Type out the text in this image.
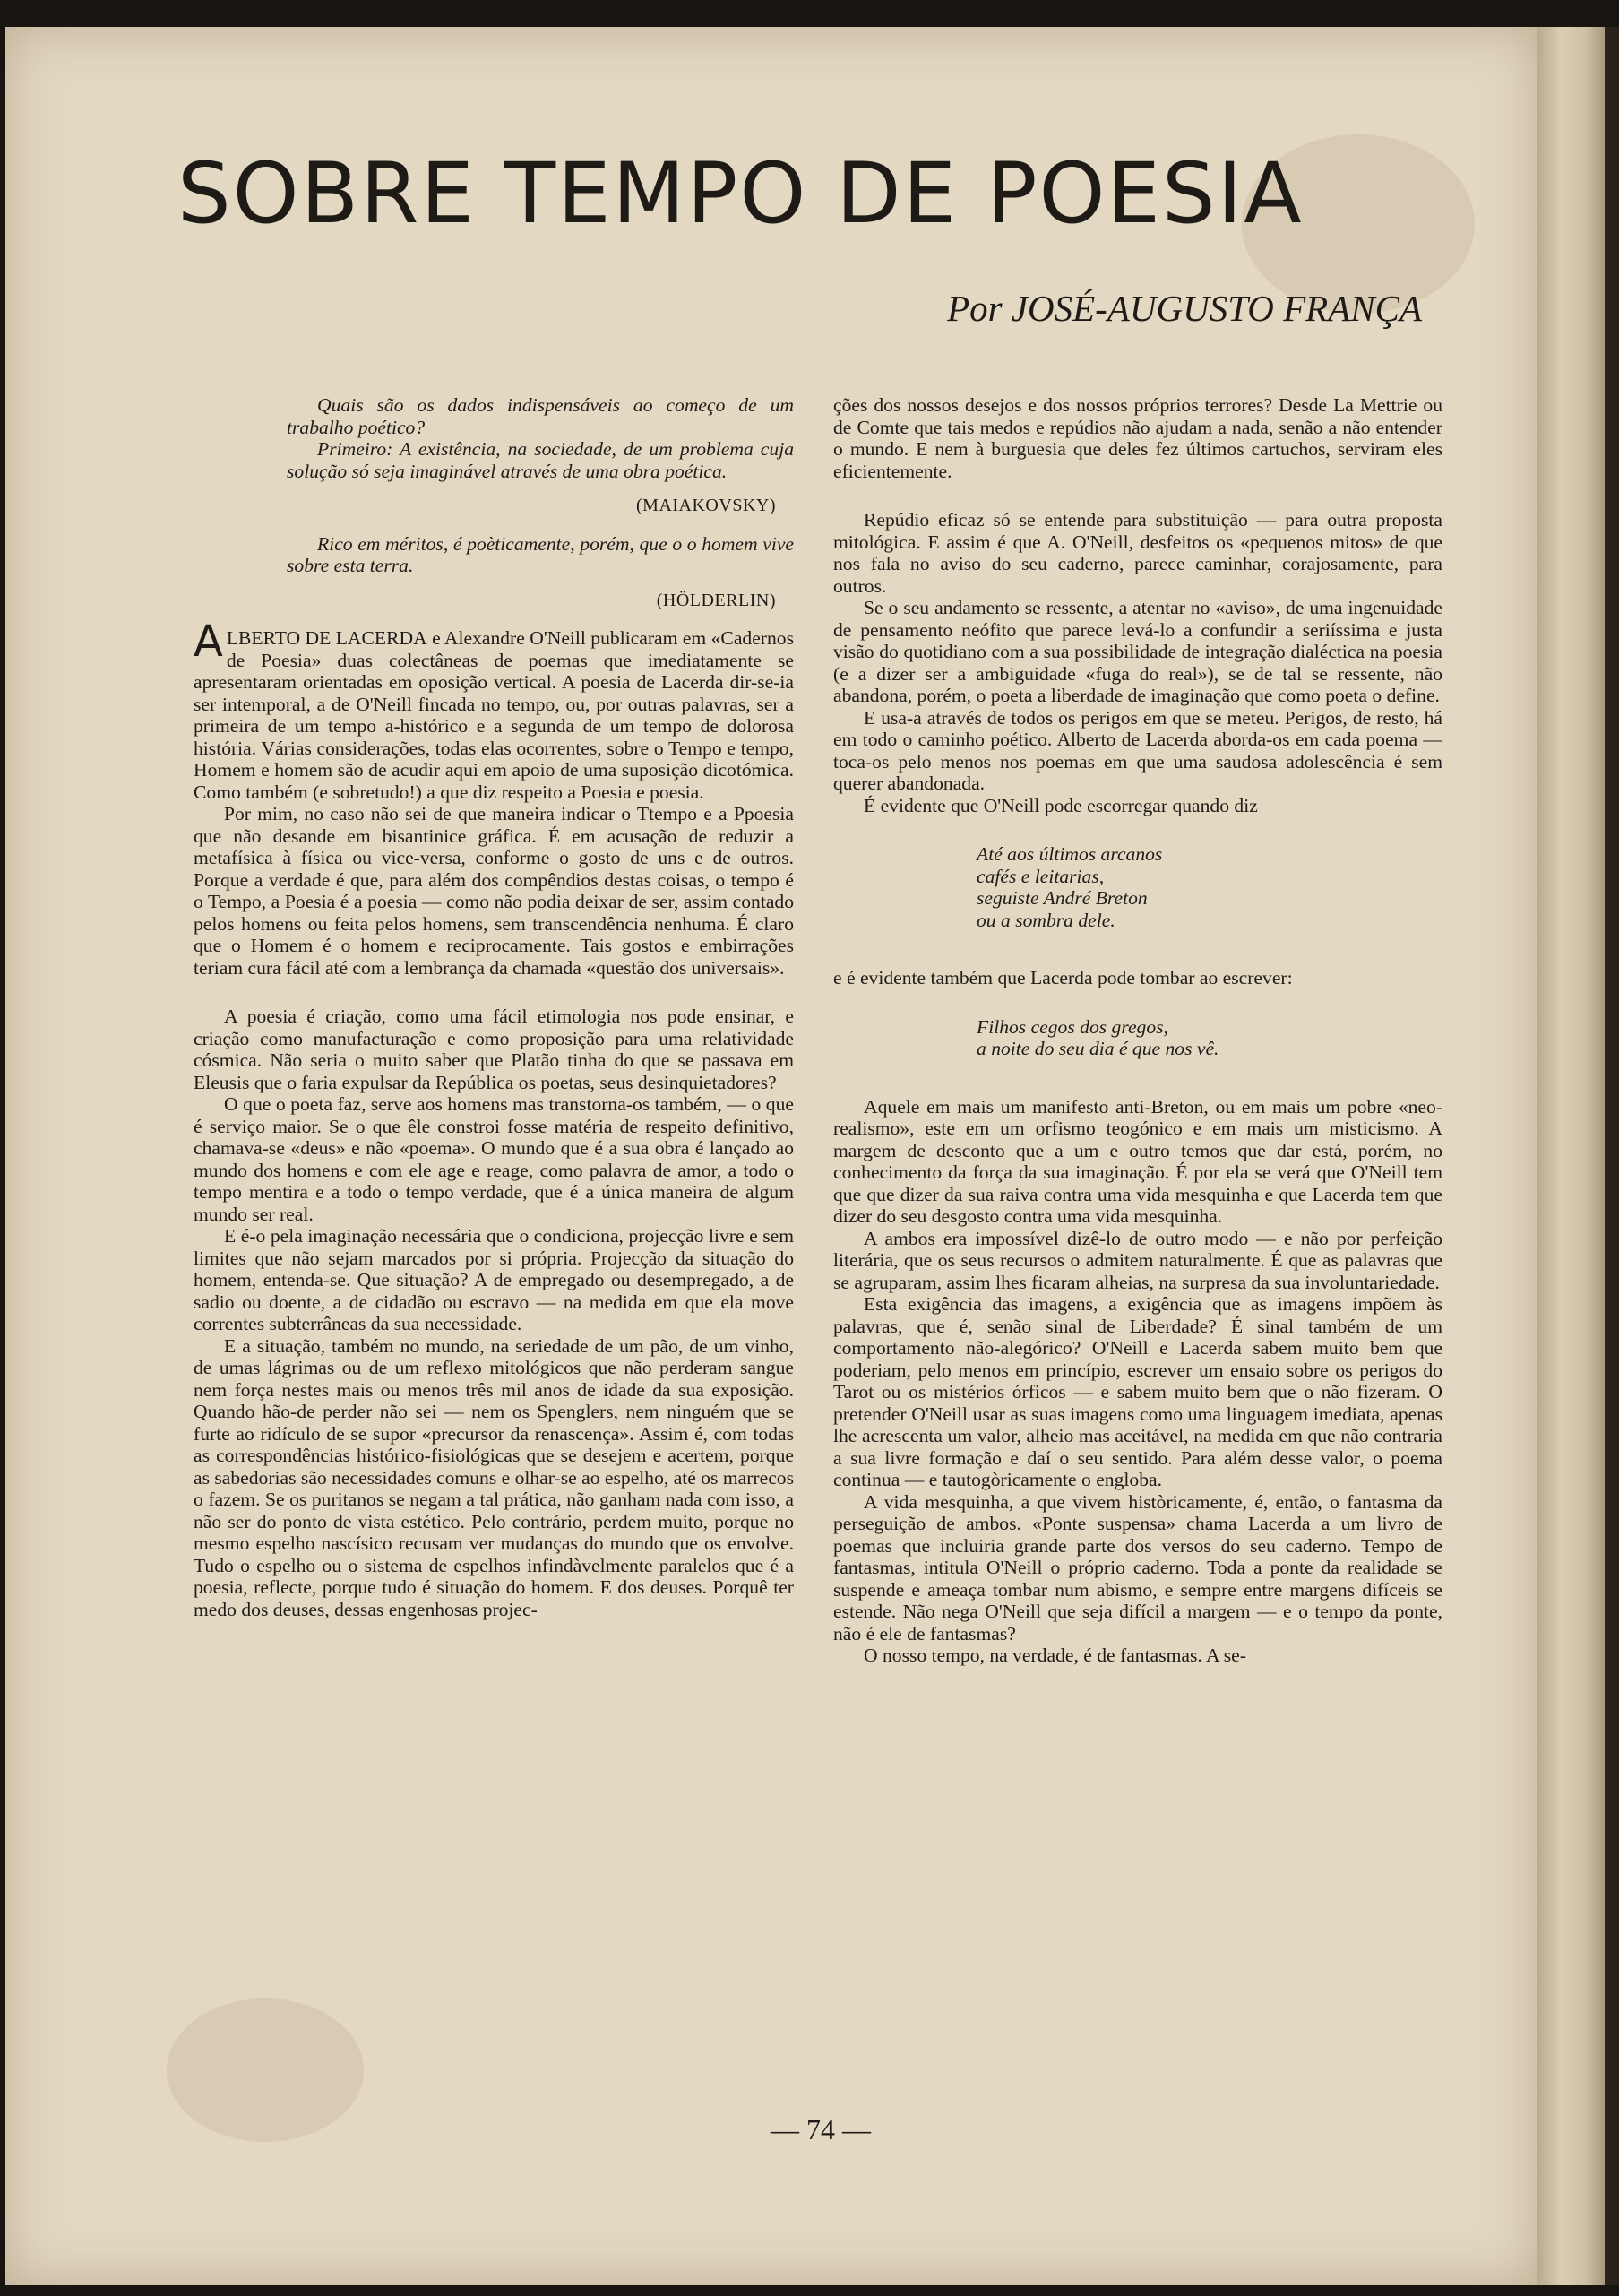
SOBRE TEMPO DE POESIA
Por JOSÉ-AUGUSTO FRANÇA

Quais são os dados indispensáveis ao começo de um trabalho poético?

Primeiro: A existência, na sociedade, de um problema cuja solução só seja imaginável através de uma obra poética.

(MAIAKOVSKY)

Rico em méritos, é poèticamente, porém, que o o homem vive sobre esta terra.

(HÖLDERLIN)

ALBERTO DE LACERDA e Alexandre O'Neill publicaram em «Cadernos de Poesia» duas colectâneas de poemas que imediatamente se apresentaram orientadas em oposição vertical. A poesia de Lacerda dir-se-ia ser intemporal, a de O'Neill fincada no tempo, ou, por outras palavras, ser a primeira de um tempo a-histórico e a segunda de um tempo de dolorosa história. Várias considerações, todas elas ocorrentes, sobre o Tempo e tempo, Homem e homem são de acudir aqui em apoio de uma suposição dicotómica. Como também (e sobretudo!) a que diz respeito a Poesia e poesia.

Por mim, no caso não sei de que maneira indicar o Ttempo e a Ppoesia que não desande em bisantinice gráfica. É em acusação de reduzir a metafísica à física ou vice-versa, conforme o gosto de uns e de outros. Porque a verdade é que, para além dos compêndios destas coisas, o tempo é o Tempo, a Poesia é a poesia — como não podia deixar de ser, assim contado pelos homens ou feita pelos homens, sem transcendência nenhuma. É claro que o Homem é o homem e reciprocamente. Tais gostos e embirrações teriam cura fácil até com a lembrança da chamada «questão dos universais».

A poesia é criação, como uma fácil etimologia nos pode ensinar, e criação como manufacturação e como proposição para uma relatividade cósmica. Não seria o muito saber que Platão tinha do que se passava em Eleusis que o faria expulsar da República os poetas, seus desinquietadores?

O que o poeta faz, serve aos homens mas transtorna-os também, — o que é serviço maior. Se o que êle constroi fosse matéria de respeito definitivo, chamava-se «deus» e não «poema». O mundo que é a sua obra é lançado ao mundo dos homens e com ele age e reage, como palavra de amor, a todo o tempo mentira e a todo o tempo verdade, que é a única maneira de algum mundo ser real.

E é-o pela imaginação necessária que o condiciona, projecção livre e sem limites que não sejam marcados por si própria. Projecção da situação do homem, entenda-se. Que situação? A de empregado ou desempregado, a de sadio ou doente, a de cidadão ou escravo — na medida em que ela move correntes subterrâneas da sua necessidade.

E a situação, também no mundo, na seriedade de um pão, de um vinho, de umas lágrimas ou de um reflexo mitológicos que não perderam sangue nem força nestes mais ou menos três mil anos de idade da sua exposição. Quando hão-de perder não sei — nem os Spenglers, nem ninguém que se furte ao ridículo de se supor «precursor da renascença». Assim é, com todas as correspondências histórico-fisiológicas que se desejem e acertem, porque as sabedorias são necessidades comuns e olhar-se ao espelho, até os marrecos o fazem. Se os puritanos se negam a tal prática, não ganham nada com isso, a não ser do ponto de vista estético. Pelo contrário, perdem muito, porque no mesmo espelho nascísico recusam ver mudanças do mundo que os envolve. Tudo o espelho ou o sistema de espelhos infindàvelmente paralelos que é a poesia, reflecte, porque tudo é situação do homem. E dos deuses. Porquê ter medo dos deuses, dessas engenhosas projec-

ções dos nossos desejos e dos nossos próprios terrores? Desde La Mettrie ou de Comte que tais medos e repúdios não ajudam a nada, senão a não entender o mundo. E nem à burguesia que deles fez últimos cartuchos, serviram eles eficientemente.

Repúdio eficaz só se entende para substituição — para outra proposta mitológica. E assim é que A. O'Neill, desfeitos os «pequenos mitos» de que nos fala no aviso do seu caderno, parece caminhar, corajosamente, para outros.

Se o seu andamento se ressente, a atentar no «aviso», de uma ingenuidade de pensamento neófito que parece levá-lo a confundir a seriíssima e justa visão do quotidiano com a sua possibilidade de integração dialéctica na poesia (e a dizer ser a ambiguidade «fuga do real»), se de tal se ressente, não abandona, porém, o poeta a liberdade de imaginação que como poeta o define.

E usa-a através de todos os perigos em que se meteu. Perigos, de resto, há em todo o caminho poético. Alberto de Lacerda aborda-os em cada poema — toca-os pelo menos nos poemas em que uma saudosa adolescência é sem querer abandonada.

É evidente que O'Neill pode escorregar quando diz

Até aos últimos arcanos
cafés e leitarias,
seguiste André Breton
ou a sombra dele.

e é evidente também que Lacerda pode tombar ao escrever:

Filhos cegos dos gregos,
a noite do seu dia é que nos vê.

Aquele em mais um manifesto anti-Breton, ou em mais um pobre «neo-realismo», este em um orfismo teogónico e em mais um misticismo. A margem de desconto que a um e outro temos que dar está, porém, no conhecimento da força da sua imaginação. É por ela se verá que O'Neill tem que que dizer da sua raiva contra uma vida mesquinha e que Lacerda tem que dizer do seu desgosto contra uma vida mesquinha.

A ambos era impossível dizê-lo de outro modo — e não por perfeição literária, que os seus recursos o admitem naturalmente. É que as palavras que se agruparam, assim lhes ficaram alheias, na surpresa da sua involuntariedade.

Esta exigência das imagens, a exigência que as imagens impõem às palavras, que é, senão sinal de Liberdade? É sinal também de um comportamento não-alegórico? O'Neill e Lacerda sabem muito bem que poderiam, pelo menos em princípio, escrever um ensaio sobre os perigos do Tarot ou os mistérios órficos — e sabem muito bem que o não fizeram. O pretender O'Neill usar as suas imagens como uma linguagem imediata, apenas lhe acrescenta um valor, alheio mas aceitável, na medida em que não contraria a sua livre formação e daí o seu sentido. Para além desse valor, o poema continua — e tautogòricamente o engloba.

A vida mesquinha, a que vivem històricamente, é, então, o fantasma da perseguição de ambos. «Ponte suspensa» chama Lacerda a um livro de poemas que incluiria grande parte dos versos do seu caderno. Tempo de fantasmas, intitula O'Neill o próprio caderno. Toda a ponte da realidade se suspende e ameaça tombar num abismo, e sempre entre margens difíceis se estende. Não nega O'Neill que seja difícil a margem — e o tempo da ponte, não é ele de fantasmas?

O nosso tempo, na verdade, é de fantasmas. A se-

— 74 —
